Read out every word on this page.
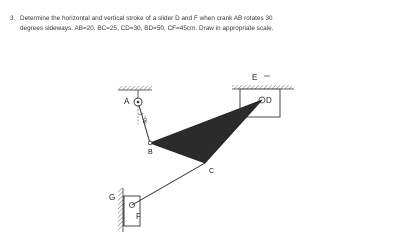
3. Determine the horizontal and vertical stroke of a slider D and F when crank AB rotates 30
degrees sideways. AB=20, BC=25, CD=30, BD=50, CF=45cm. Draw in appropriate scale.
A
B
C
D
E
F
G
30°
